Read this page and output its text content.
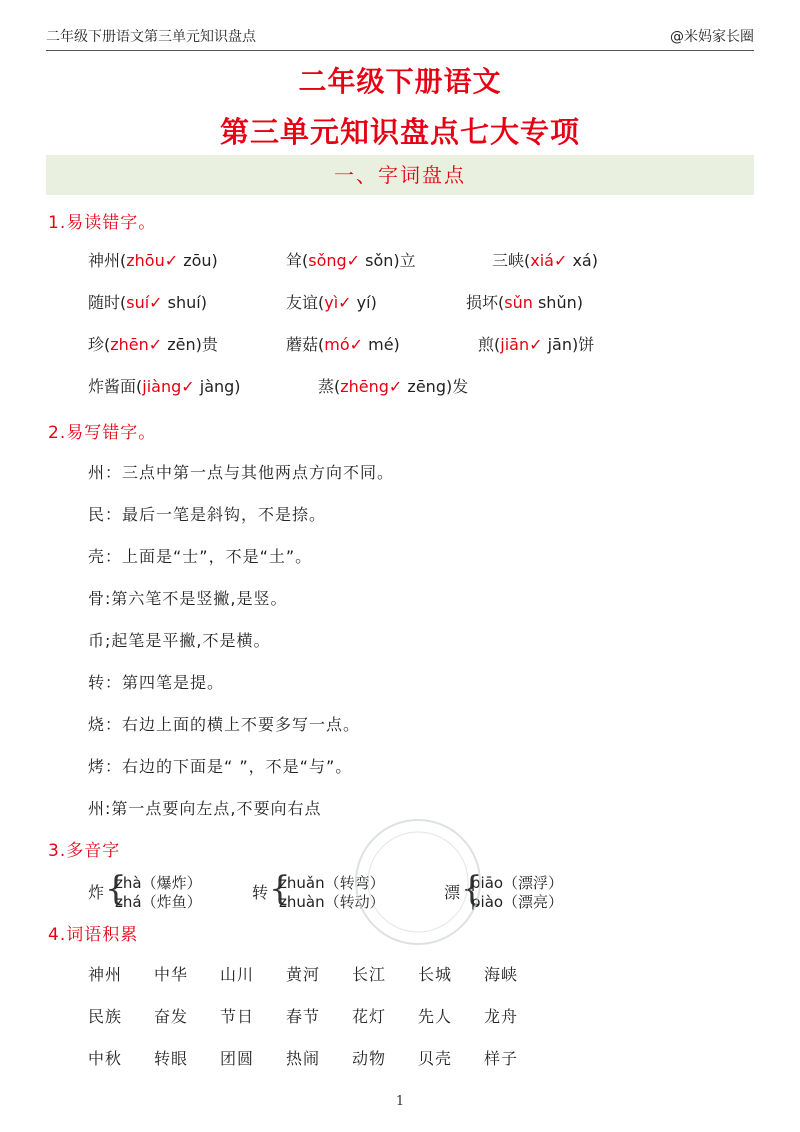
二年级下册语文第三单元知识盘点	@米妈家长圈
二年级下册语文
第三单元知识盘点七大专项
一、字词盘点
1.易读错字。
神州(zhōu✓ zōu)	耸(sǒng✓ sǒn)立	三峡(xiá✓ xá)
随时(suí✓ shuí)	友谊(yì✓ yí)	损坏(sǔn shǔn)
珍(zhēn✓ zēn)贵	蘑菇(mó✓ mé)	煎(jiān✓ jān)饼
炸酱面(jiàng✓ jàng)	蒸(zhēng✓ zēng)发
2.易写错字。
州：三点中第一点与其他两点方向不同。
民：最后一笔是斜钩，不是捺。
壳：上面是“士”，不是“土”。
骨:第六笔不是竖撇,是竖。
币;起笔是平撇,不是横。
转：第四笔是提。
烧：右边上面的横上不要多写一点。
烤：右边的下面是“ ”，不是“与”。
州:第一点要向左点,不要向右点
3.多音字
炸 {
zhà（爆炸）
zhá（炸鱼）	转 {
zhuǎn（转弯）
zhuàn（转动）	漂 {
piāo（漂浮）
piào（漂亮）
4.词语积累
神州 中华 山川 黄河 长江 长城 海峡
民族 奋发 节日 春节 花灯 先人 龙舟
中秋 转眼 团圆 热闹 动物 贝壳 样子
1
